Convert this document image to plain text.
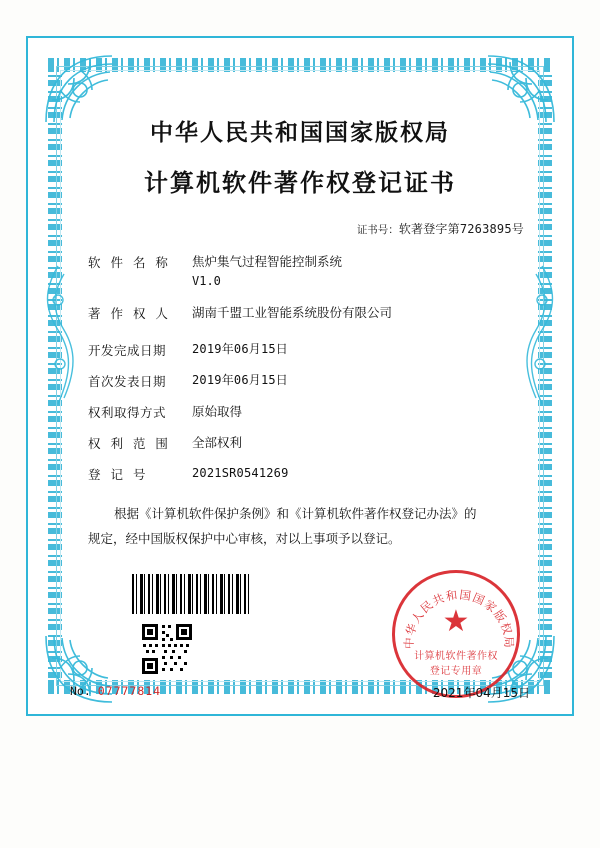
中华人民共和国国家版权局
计算机软件著作权登记证书
证书号：软著登字第7263895号
软 件 名 称	焦炉集气过程智能控制系统
V1.0
著 作 权 人	湖南千盟工业智能系统股份有限公司
开发完成日期	2019年06月15日
首次发表日期	2019年06月15日
权利取得方式	原始取得
权 利 范 围	全部权利
登 记 号	2021SR0541269

根据《计算机软件保护条例》和《计算机软件著作权登记办法》的

规定，经中国版权保护中心审核，对以上事项予以登记。

中华人民共和国国家版权局
★
计算机软件著作权
登记专用章
No. 07777814	2021年04月15日
